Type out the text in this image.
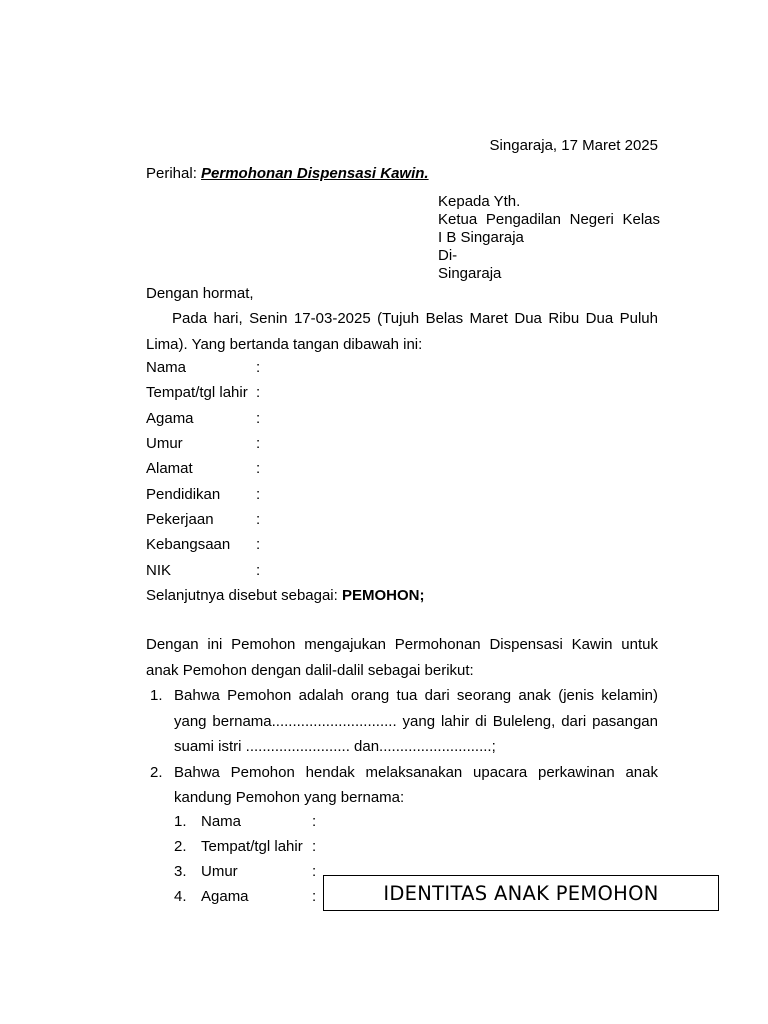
Singaraja, 17 Maret 2025
Perihal: Permohonan Dispensasi Kawin.
Kepada Yth.
Ketua Pengadilan Negeri Kelas
I B Singaraja
Di-
Singaraja
Dengan hormat,
Pada hari, Senin 17-03-2025 (Tujuh Belas Maret Dua Ribu Dua Puluh
Lima). Yang bertanda tangan dibawah ini:
Nama	:
Tempat/tgl lahir :
Agama	:
Umur	:
Alamat	:
Pendidikan :
Pekerjaan	:
Kebangsaan :
NIK	:
Selanjutnya disebut sebagai: PEMOHON;
Dengan ini Pemohon mengajukan Permohonan Dispensasi Kawin untuk
anak Pemohon dengan dalil-dalil sebagai berikut:
1. Bahwa Pemohon adalah orang tua dari seorang anak (jenis kelamin)
yang bernama.............................. yang lahir di Buleleng, dari pasangan
suami istri ......................... dan...........................;
2. Bahwa Pemohon hendak melaksanakan upacara perkawinan anak
kandung Pemohon yang bernama:
1. Nama	:
2. Tempat/tgl lahir :
3. Umur	:
4. Agama	:	IDENTITAS ANAK PEMOHON
